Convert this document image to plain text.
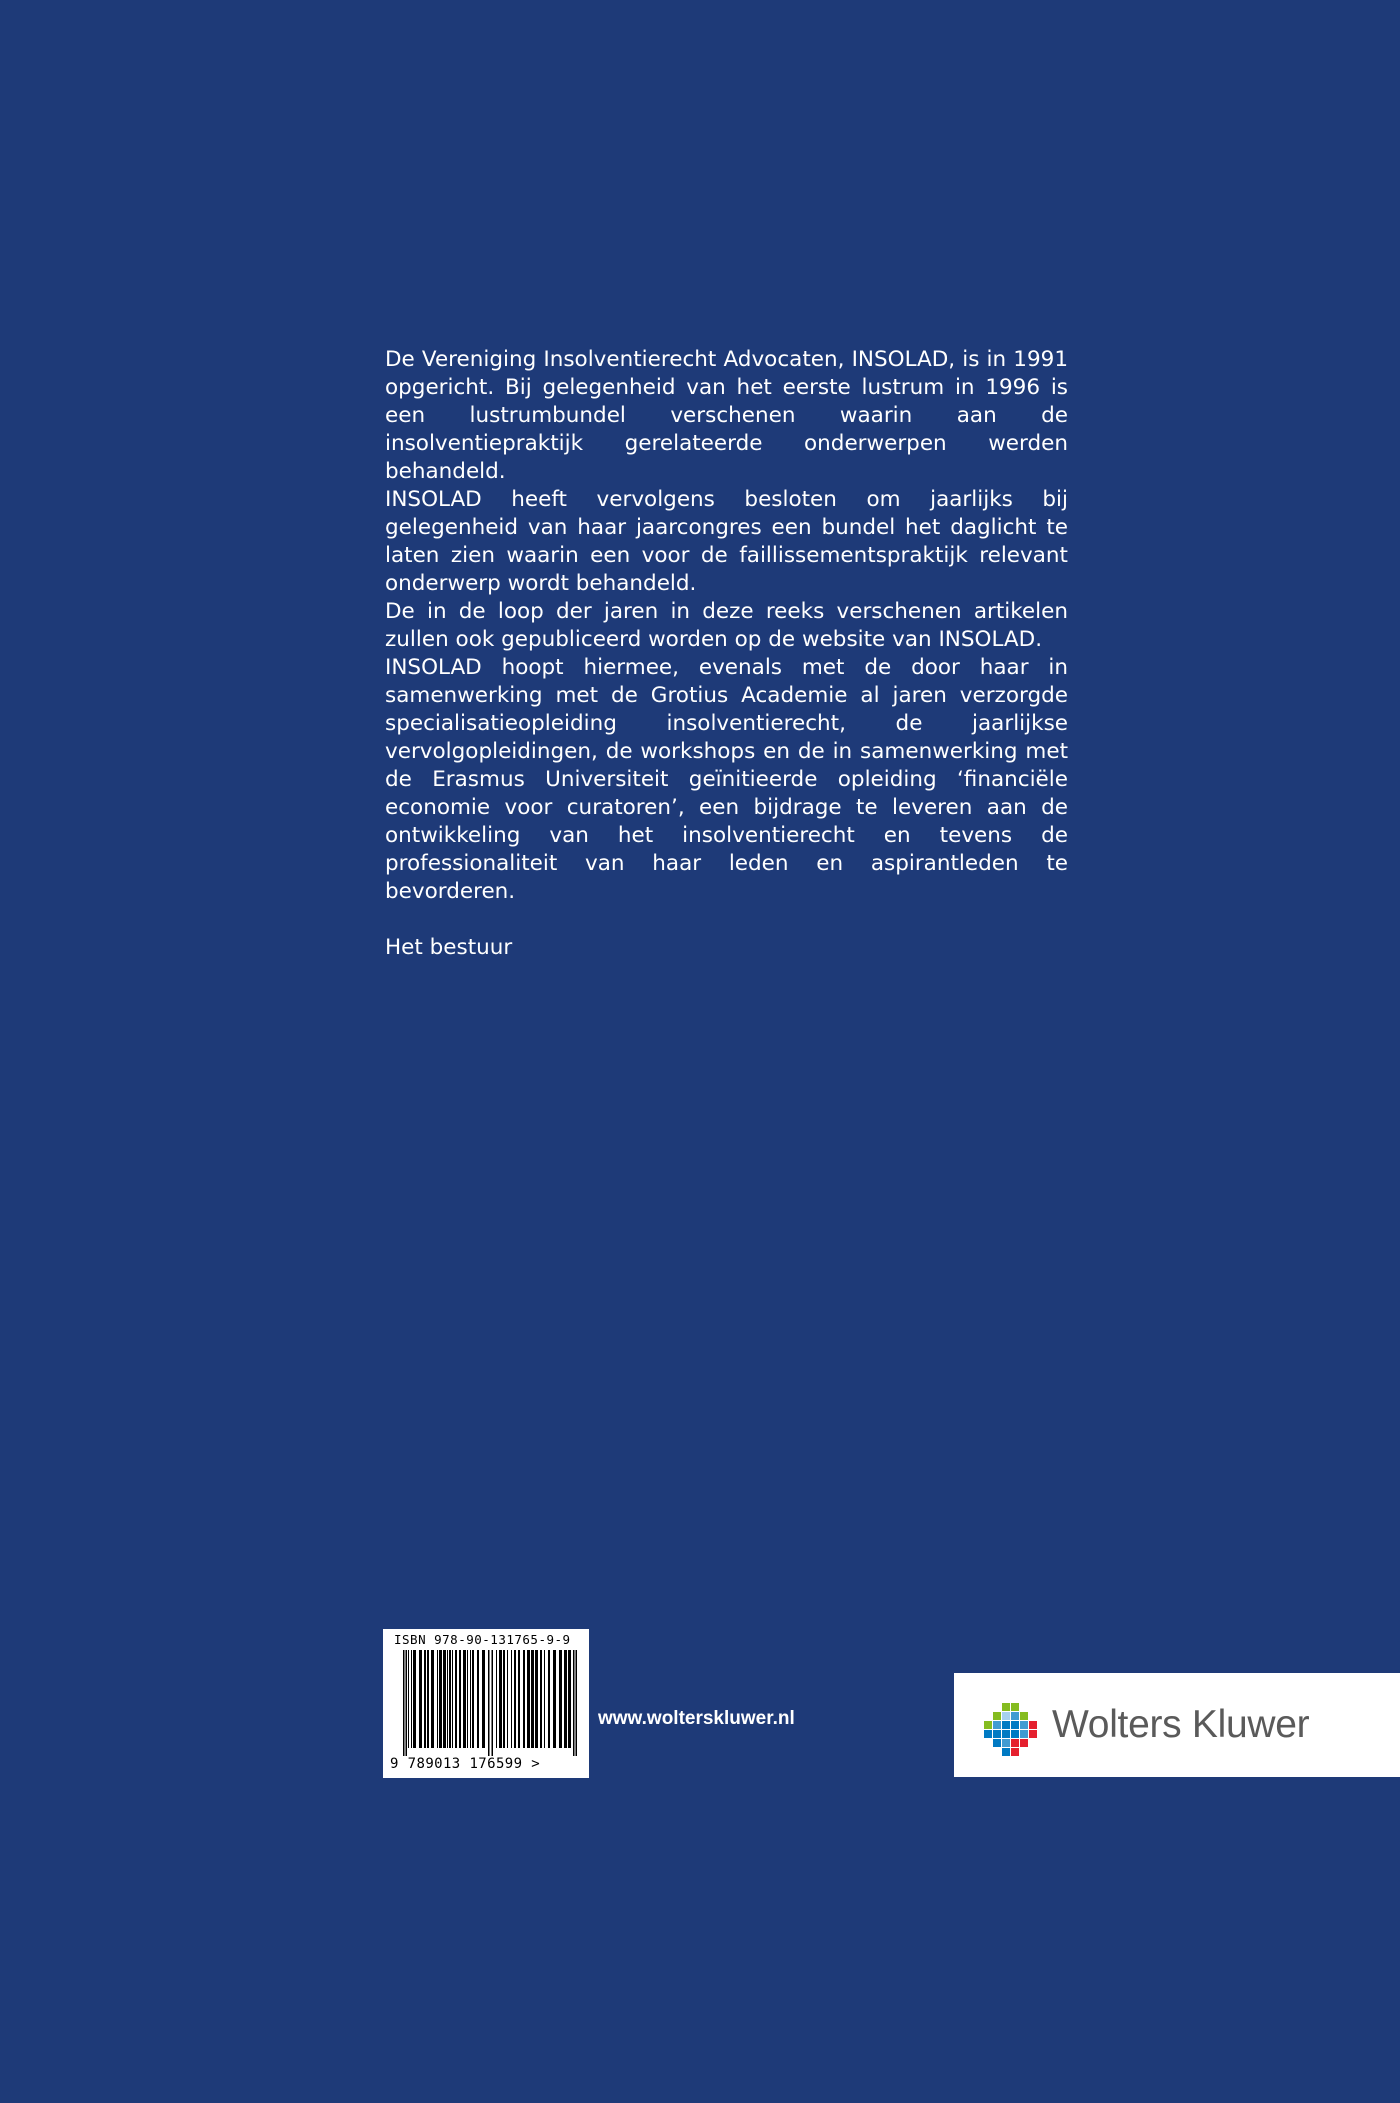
De Vereniging Insolventierecht Advocaten, INSOLAD, is in 1991 opgericht. Bij gelegenheid van het eerste lustrum in 1996 is een lustrumbundel verschenen waarin aan de insolventiepraktijk gerelateerde onderwerpen werden behandeld.

INSOLAD heeft vervolgens besloten om jaarlijks bij gelegenheid van haar jaarcongres een bundel het daglicht te laten zien waarin een voor de faillissementspraktijk relevant onderwerp wordt behandeld.

De in de loop der jaren in deze reeks verschenen artikelen zullen ook gepubliceerd worden op de website van INSOLAD.

INSOLAD hoopt hiermee, evenals met de door haar in samenwerking met de Grotius Academie al jaren verzorgde specialisatieopleiding insolventierecht, de jaarlijkse vervolgopleidingen, de workshops en de in samenwerking met de Erasmus Universiteit geïnitieerde opleiding ‘financiële economie voor curatoren’, een bijdrage te leveren aan de ontwikkeling van het insolventierecht en tevens de professionaliteit van haar leden en aspirantleden te bevorderen.

Het bestuur

ISBN 978-90-131765-9-9
9 789013 176599 >
www.wolterskluwer.nl	Wolters Kluwer
